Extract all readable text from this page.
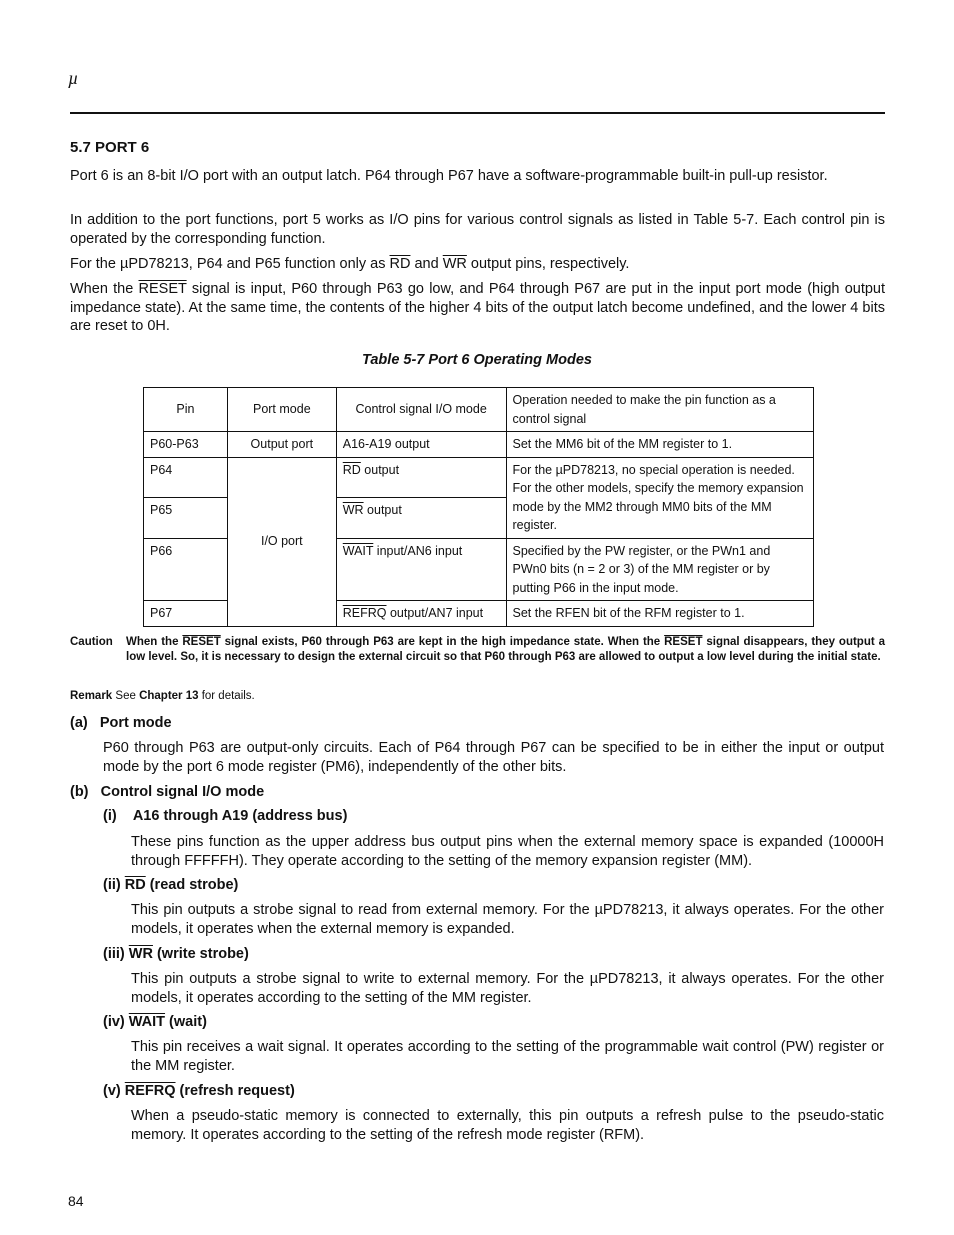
µ
5.7 PORT 6

Port 6 is an 8-bit I/O port with an output latch. P64 through P67 have a software-programmable built-in pull-up resistor.

In addition to the port functions, port 5 works as I/O pins for various control signals as listed in Table 5-7. Each control pin is operated by the corresponding function.

For the µPD78213, P64 and P65 function only as $\overline{RD}$ and $\overline{WR}$ output pins, respectively.

When the RESET signal is input, P60 through P63 go low, and P64 through P67 are put in the input port mode (high output impedance state). At the same time, the contents of the higher 4 bits of the output latch become undefined, and the lower 4 bits are reset to 0H.

Table 5-7 Port 6 Operating Modes
Pin	Port mode	Control signal I/O mode	Operation needed to make the pin function as a control signal
P60-P63	Output port	A16-A19 output	Set the MM6 bit of the MM register to 1.
P64	I/O port	$\overline{RD}$ output	For the µPD78213, no special operation is needed. For the other models, specify the memory expansion mode by the MM2 through MM0 bits of the MM register.
P65		$\overline{WR}$ output	
P66		WAIT input/AN6 input	Specified by the PW register, or the PWn1 and PWn0 bits (n = 2 or 3) of the MM register or by putting P66 in the input mode.
P67		REFRQ output/AN7 input	Set the RFEN bit of the RFM register to 1.
Caution When the RESET signal exists, P60 through P63 are kept in the high impedance state. When the RESET signal disappears, they output a low level. So, it is necessary to design the external circuit so that P60 through P63 are allowed to output a low level during the initial state.
Remark See Chapter 13 for details.
(a) Port mode
P60 through P63 are output-only circuits. Each of P64 through P67 can be specified to be in either the input or output mode by the port 6 mode register (PM6), independently of the other bits.
(b) Control signal I/O mode
(i) A16 through A19 (address bus)
These pins function as the upper address bus output pins when the external memory space is expanded (10000H through FFFFFH). They operate according to the setting of the memory expansion register (MM).
(ii) $\overline{RD}$ (read strobe)
This pin outputs a strobe signal to read from external memory. For the µPD78213, it always operates. For the other models, it operates when the external memory is expanded.
(iii) $\overline{WR}$ (write strobe)
This pin outputs a strobe signal to write to external memory. For the µPD78213, it always operates. For the other models, it operates according to the setting of the MM register.
(iv) WAIT (wait)
This pin receives a wait signal. It operates according to the setting of the programmable wait control (PW) register or the MM register.
(v) REFRQ (refresh request)
When a pseudo-static memory is connected to externally, this pin outputs a refresh pulse to the pseudo-static memory. It operates according to the setting of the refresh mode register (RFM).
84
